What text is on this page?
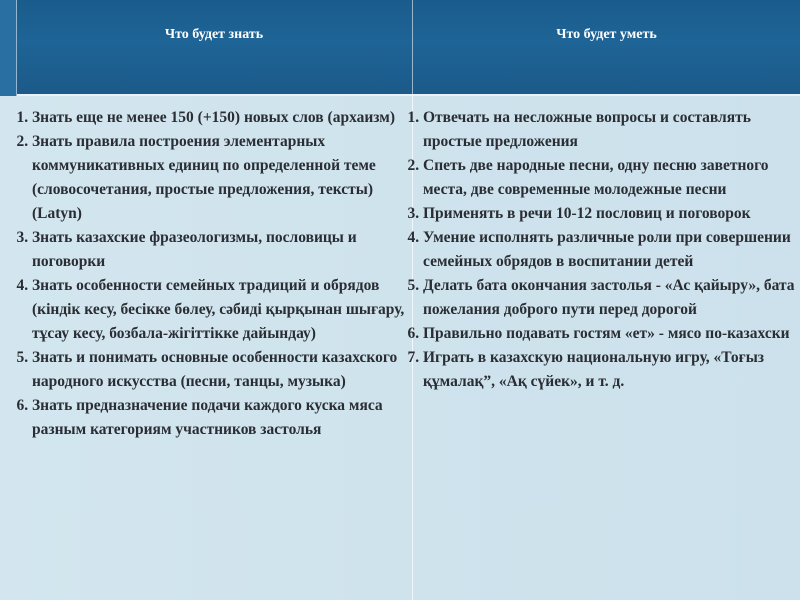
Что будет знать	Что будет уметь
1. Знать еще не менее 150 (+150) новых слов (архаизм)
2. Знать правила построения элементарных коммуникативных единиц по определенной теме (словосочетания, простые предложения, тексты) (Latyn)
3. Знать казахские фразеологизмы, пословицы и поговорки
4. Знать особенности семейных традиций и обрядов (кіндік кесу, бесікке бөлеу, сәбиді қырқынан шығару, тұсау кесу, бозбала-жігіттікке дайындау)
5. Знать и понимать основные особенности казахского народного искусства (песни, танцы, музыка)
6. Знать предназначение подачи каждого куска мяса разным категориям участников застолья
1. Отвечать на несложные вопросы и составлять простые предложения
2. Спеть две народные песни, одну песню заветного места, две современные молодежные песни
3. Применять в речи 10-12 пословиц и поговорок
4. Умение исполнять различные роли при совершении семейных обрядов в воспитании детей
5. Делать бата окончания застолья - «Ас қайыру», бата пожелания доброго пути перед дорогой
6. Правильно подавать гостям «ет» - мясо по-казахски
7. Играть в казахскую национальную игру, «Тоғыз құмалақ”, «Ақ сүйек», и т. д.
